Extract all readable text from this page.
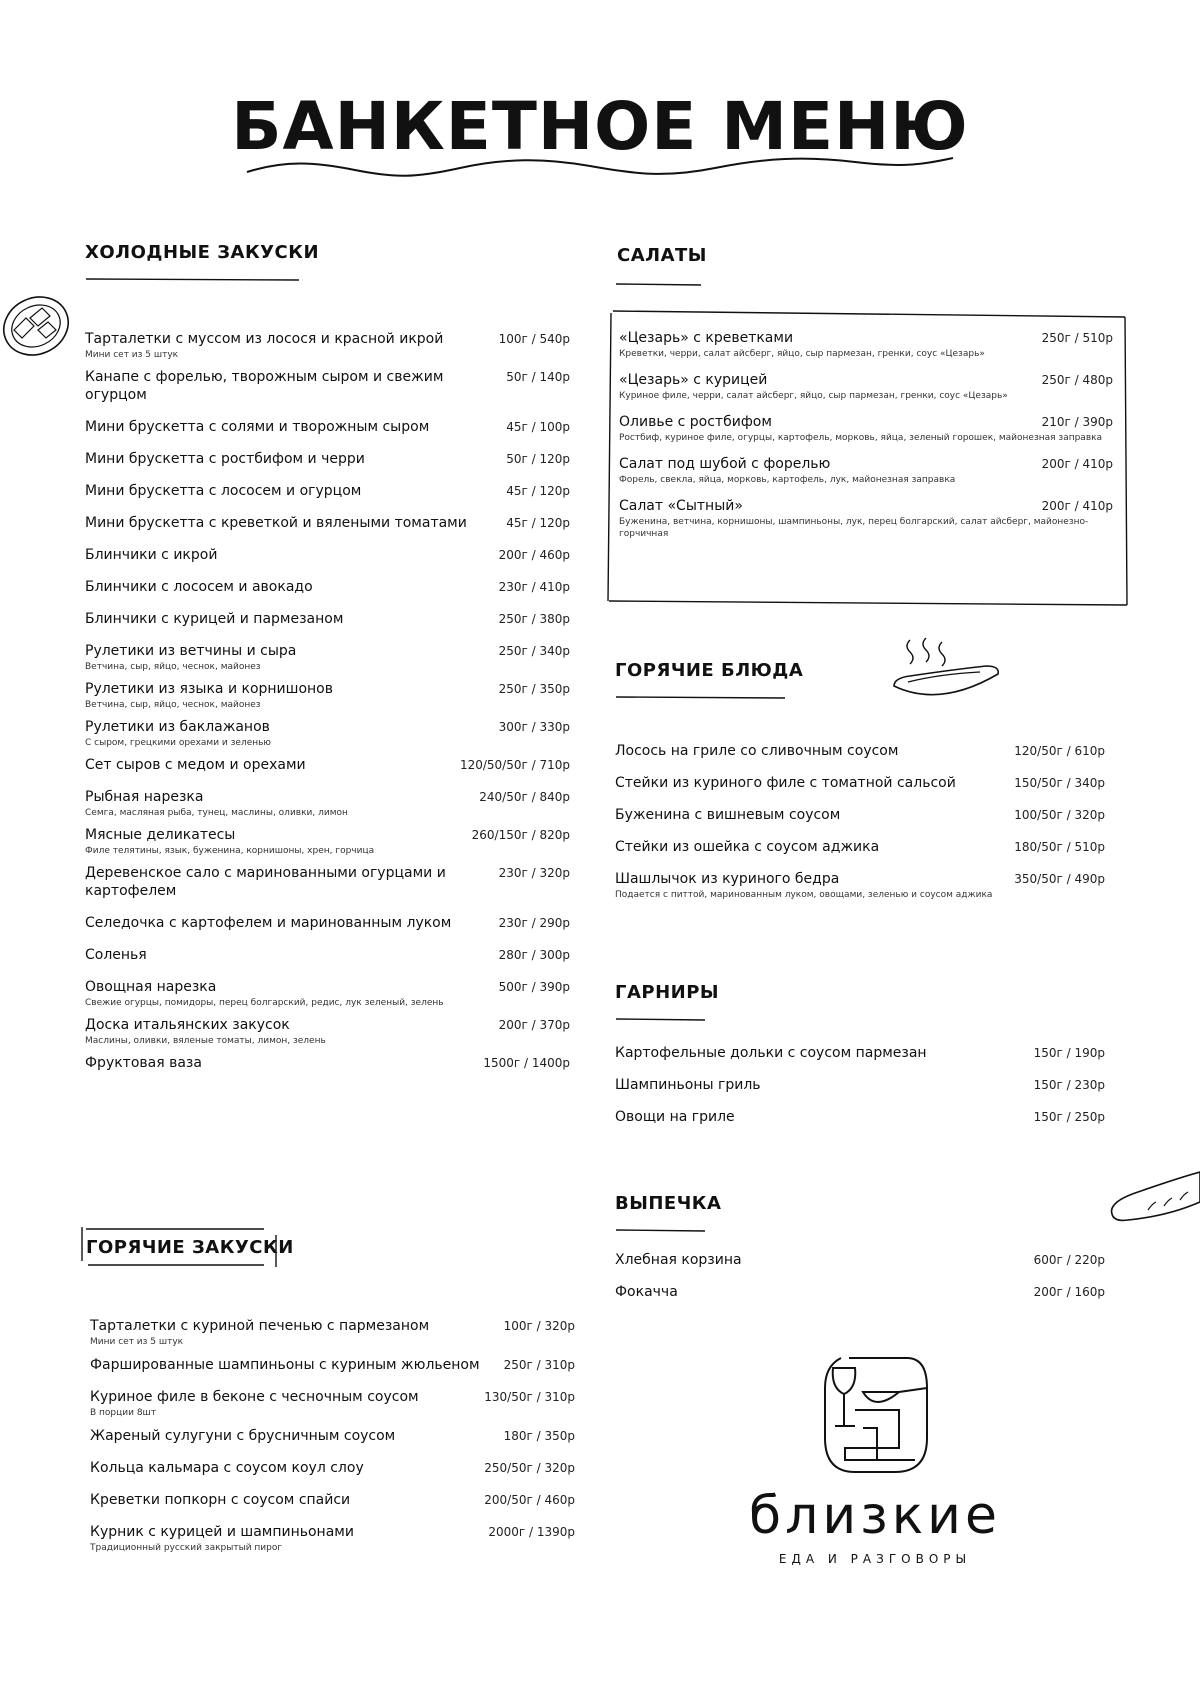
БАНКЕТНОЕ МЕНЮ
ХОЛОДНЫЕ ЗАКУСКИ
Тарталетки с муссом из лосося и красной икрой	100г / 540р
Мини сет из 5 штук
Канапе с форелью, творожным сыром и свежим огурцом
50г / 140р
Мини брускетта с солями и творожным сыром	45г / 100р
Мини брускетта с ростбифом и черри	50г / 120р
Мини брускетта с лососем и огурцом	45г / 120р
Мини брускетта с креветкой и вялеными томатами	45г / 120р
Блинчики с икрой	200г / 460р
Блинчики с лососем и авокадо	230г / 410р
Блинчики с курицей и пармезаном	250г / 380р
Рулетики из ветчины и сыра	250г / 340р
Ветчина, сыр, яйцо, чеснок, майонез
Рулетики из языка и корнишонов	250г / 350р
Ветчина, сыр, яйцо, чеснок, майонез
Рулетики из баклажанов	300г / 330р
С сыром, грецкими орехами и зеленью
Сет сыров с медом и орехами	120/50/50г / 710р
Рыбная нарезка	240/50г / 840р
Семга, масляная рыба, тунец, маслины, оливки, лимон
Мясные деликатесы	260/150г / 820р
Филе телятины, язык, буженина, корнишоны, хрен, горчица
Деревенское сало с маринованными огурцами и картофелем
230г / 320р
Селедочка с картофелем и маринованным луком	230г / 290р
Соленья	280г / 300р
Овощная нарезка	500г / 390р
Свежие огурцы, помидоры, перец болгарский, редис, лук зеленый, зелень
Доска итальянских закусок	200г / 370р
Маслины, оливки, вяленые томаты, лимон, зелень
Фруктовая ваза	1500г / 1400р
ГОРЯЧИЕ ЗАКУСКИ
Тарталетки с куриной печенью с пармезаном	100г / 320р
Мини сет из 5 штук
Фаршированные шампиньоны с куриным жюльеном 250г / 310р
Куриное филе в беконе с чесночным соусом	130/50г / 310р
В порции 8шт
Жареный сулугуни с брусничным соусом	180г / 350р
Кольца кальмара с соусом коул слоу	250/50г / 320р
Креветки попкорн с соусом спайси	200/50г / 460р
Курник с курицей и шампиньонами	2000г / 1390р
Традиционный русский закрытый пирог
САЛАТЫ
«Цезарь» с креветками	250г / 510р
Креветки, черри, салат айсберг, яйцо, сыр пармезан, гренки, соус «Цезарь»
«Цезарь» с курицей	250г / 480р
Куриное филе, черри, салат айсберг, яйцо, сыр пармезан, гренки, соус «Цезарь»
Оливье с ростбифом	210г / 390р
Ростбиф, куриное филе, огурцы, картофель, морковь, яйца, зеленый горошек, майонезная заправка
Салат под шубой с форелью	200г / 410р
Форель, свекла, яйца, морковь, картофель, лук, майонезная заправка
Салат «Сытный»	200г / 410р
Буженина, ветчина, корнишоны, шампиньоны, лук, перец болгарский, салат айсберг, майонезно- горчичная
ГОРЯЧИЕ БЛЮДА
Лосось на гриле со сливочным соусом	120/50г / 610р
Стейки из куриного филе с томатной сальсой	150/50г / 340р
Буженина с вишневым соусом	100/50г / 320р
Стейки из ошейка с соусом аджика	180/50г / 510р
Шашлычок из куриного бедра	350/50г / 490р
Подается с питтой, маринованным луком, овощами, зеленью и соусом аджика
ГАРНИРЫ
Картофельные дольки с соусом пармезан	150г / 190р
Шампиньоны гриль	150г / 230р
Овощи на гриле	150г / 250р
ВЫПЕЧКА
Хлебная корзина	600г / 220р
Фокачча	200г / 160р
близкие
ЕДА И РАЗГОВОРЫ
